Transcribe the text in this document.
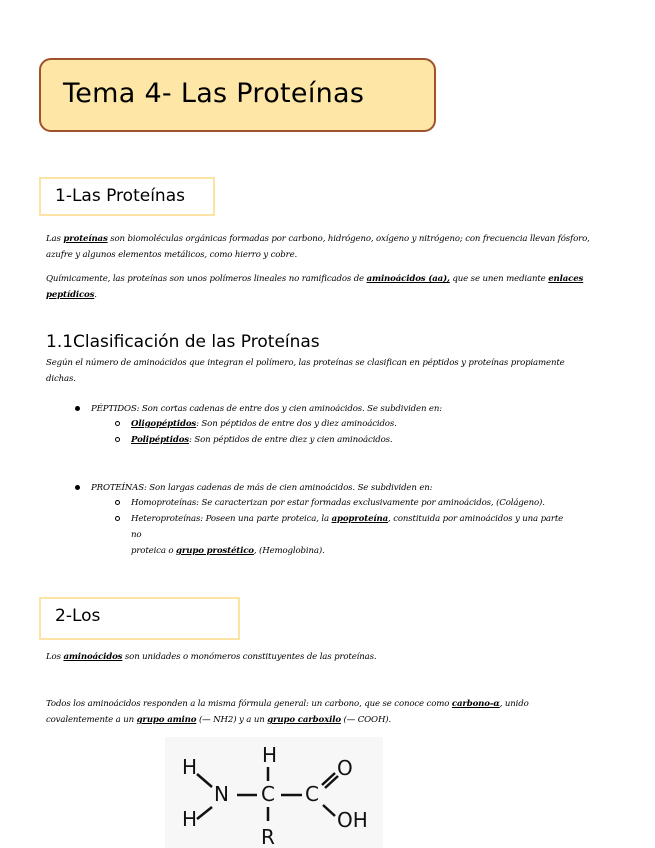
Tema 4- Las Proteínas
1-Las Proteínas
Las proteínas son biomoléculas orgánicas formadas por carbono, hidrógeno, oxígeno y nitrógeno; con frecuencia llevan fósforo,
azufre y algunos elementos metálicos, como hierro y cobre.
Químicamente, las proteínas son unos polímeros lineales no ramificados de aminoácidos (aa), que se unen mediante enlaces
peptídicos.
1.1Clasificación de las Proteínas
Según el número de aminoácidos que integran el polímero, las proteínas se clasifican en péptidos y proteínas propiamente
dichas.
PÉPTIDOS: Son cortas cadenas de entre dos y cien aminoácidos. Se subdividen en:
Oligopéptidos: Son péptidos de entre dos y diez aminoácidos.
Polipéptidos: Son péptidos de entre diez y cien aminoácidos.
PROTEÍNAS: Son largas cadenas de más de cien aminoácidos. Se subdividen en:
Homoproteínas: Se caracterizan por estar formadas exclusivamente por aminoácidos, (Colágeno).
Heteroproteínas: Poseen una parte proteica, la apoproteína, constituida por aminoácidos y una parte no
proteica o grupo prostético, (Hemoglobina).
2-Los
Los aminoácidos son unidades o monómeros constituyentes de las proteínas.
Todos los aminoácidos responden a la misma fórmula general: un carbono, que se conoce como carbono-α, unido
covalentemente a un grupo amino (— NH2) y a un grupo carboxilo (— COOH).
H
N
H
C
H
C
O
OH
R
